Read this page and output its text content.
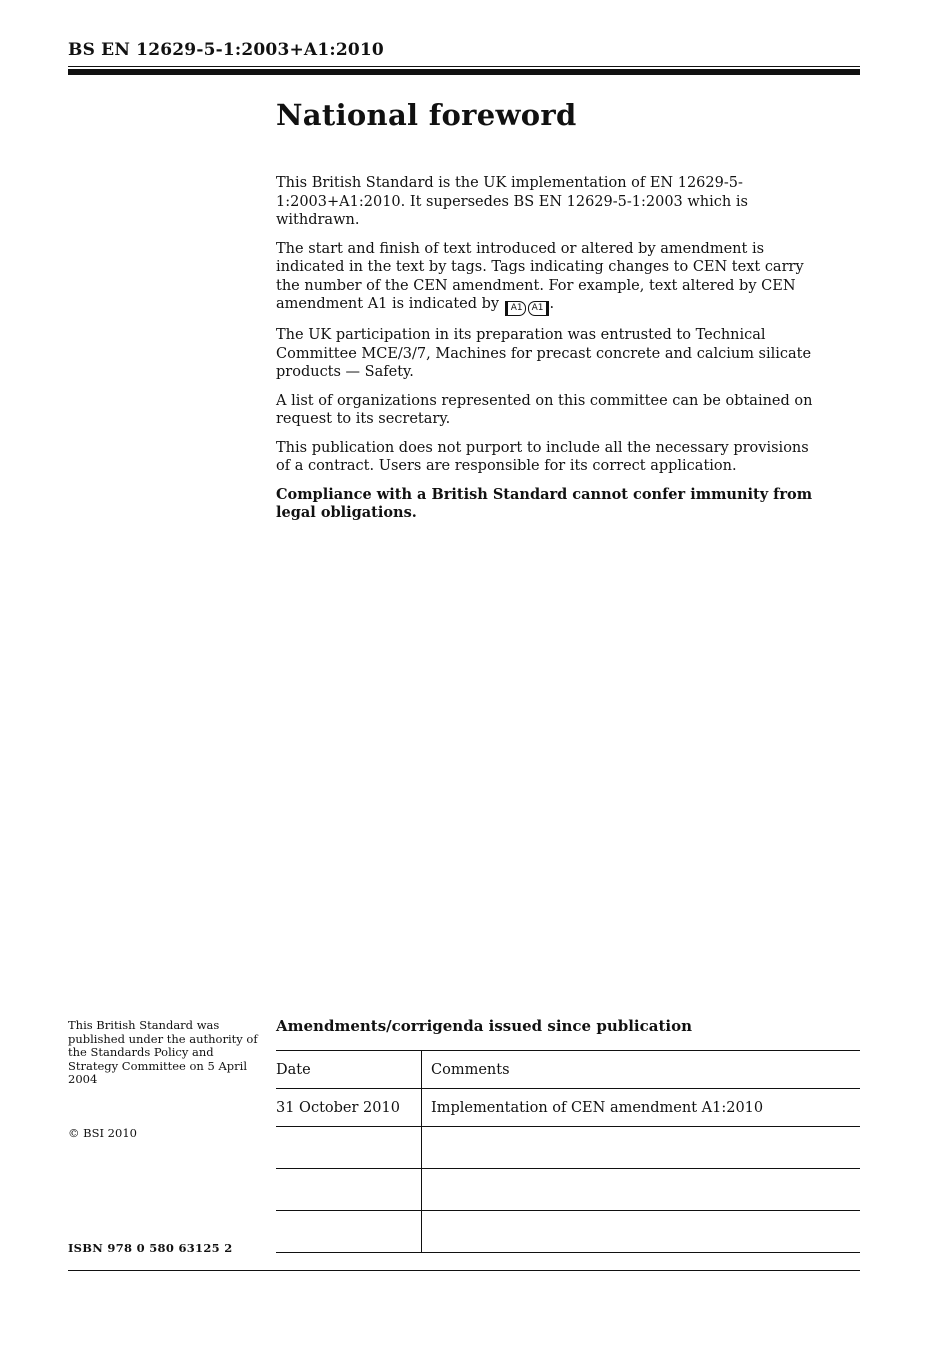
BS EN 12629-5-1:2003+A1:2010
National foreword

This British Standard is the UK implementation of EN 12629-5-1:2003+A1:2010. It supersedes BS EN 12629-5-1:2003 which is withdrawn.

The start and finish of text introduced or altered by amendment is indicated in the text by tags. Tags indicating changes to CEN text carry the number of the CEN amendment. For example, text altered by CEN amendment A1 is indicated by A1 A1 .

The UK participation in its preparation was entrusted to Technical Committee MCE/3/7, Machines for precast concrete and calcium silicate products — Safety.

A list of organizations represented on this committee can be obtained on request to its secretary.

This publication does not purport to include all the necessary provisions of a contract. Users are responsible for its correct application.

Compliance with a British Standard cannot confer immunity from legal obligations.

This British Standard was published under the authority of the Standards Policy and Strategy Committee on 5 April 2004
© BSI 2010
ISBN 978 0 580 63125 2
Amendments/corrigenda issued since publication
Date	Comments
31 October 2010	Implementation of CEN amendment A1:2010
